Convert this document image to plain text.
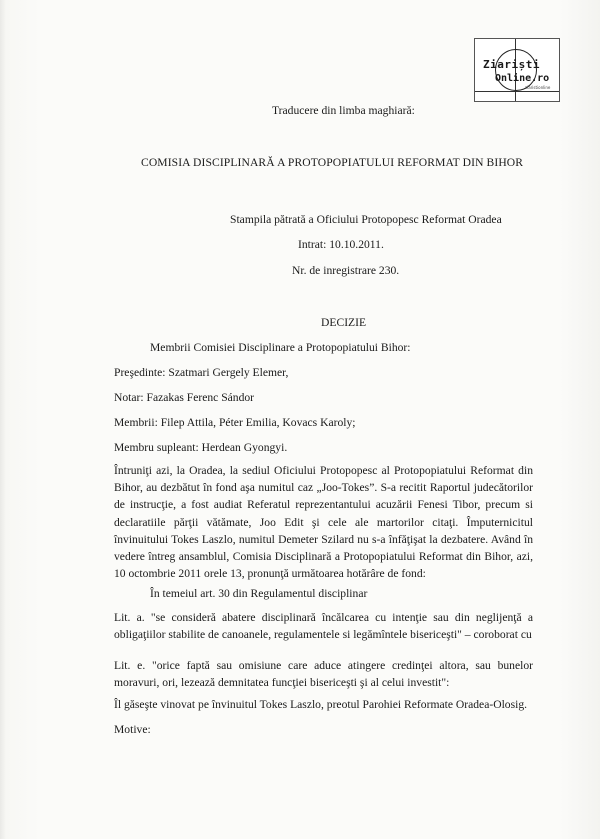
Ziariști
Online.ro
ziaristionline
Traducere din limba maghiară:
COMISIA DISCIPLINARĂ A PROTOPOPIATULUI REFORMAT DIN BIHOR
Stampila pătrată a Oficiului Protopopesc Reformat Oradea
Intrat: 10.10.2011.
Nr. de inregistrare 230.
DECIZIE
Membrii Comisiei Disciplinare a Protopopiatului Bihor:
Preşedinte: Szatmari Gergely Elemer,
Notar: Fazakas Ferenc Sándor
Membrii: Filep Attila, Péter Emilia, Kovacs Karoly;
Membru supleant: Herdean Gyongyi.
Întruniţi azi, la Oradea, la sediul Oficiului Protopopesc al Protopopiatului Reformat din Bihor, au dezbătut în fond aşa numitul caz „Joo-Tokes”. S-a recitit Raportul judecătorilor de instrucţie, a fost audiat Referatul reprezentantului acuzării Fenesi Tibor, precum si declaratiile părţii vătămate, Joo Edit şi cele ale martorilor citaţi. Împuternicitul învinuitului Tokes Laszlo, numitul Demeter Szilard nu s-a înfăţişat la dezbatere. Având în vedere întreg ansamblul, Comisia Disciplinară a Protopopiatului Reformat din Bihor, azi, 10 octombrie 2011 orele 13, pronunţă următoarea hotărâre de fond:
În temeiul art. 30 din Regulamentul disciplinar
Lit. a. "se consideră abatere disciplinară încălcarea cu intenţie sau din neglijenţă a obligaţiilor stabilite de canoanele, regulamentele si legămîntele bisericeşti" – coroborat cu
Lit. e. "orice faptă sau omisiune care aduce atingere credinţei altora, sau bunelor moravuri, ori, lezează demnitatea funcţiei bisericeşti şi al celui investit":
Îl găseşte vinovat pe învinuitul Tokes Laszlo, preotul Parohiei Reformate Oradea-Olosig.
Motive:
